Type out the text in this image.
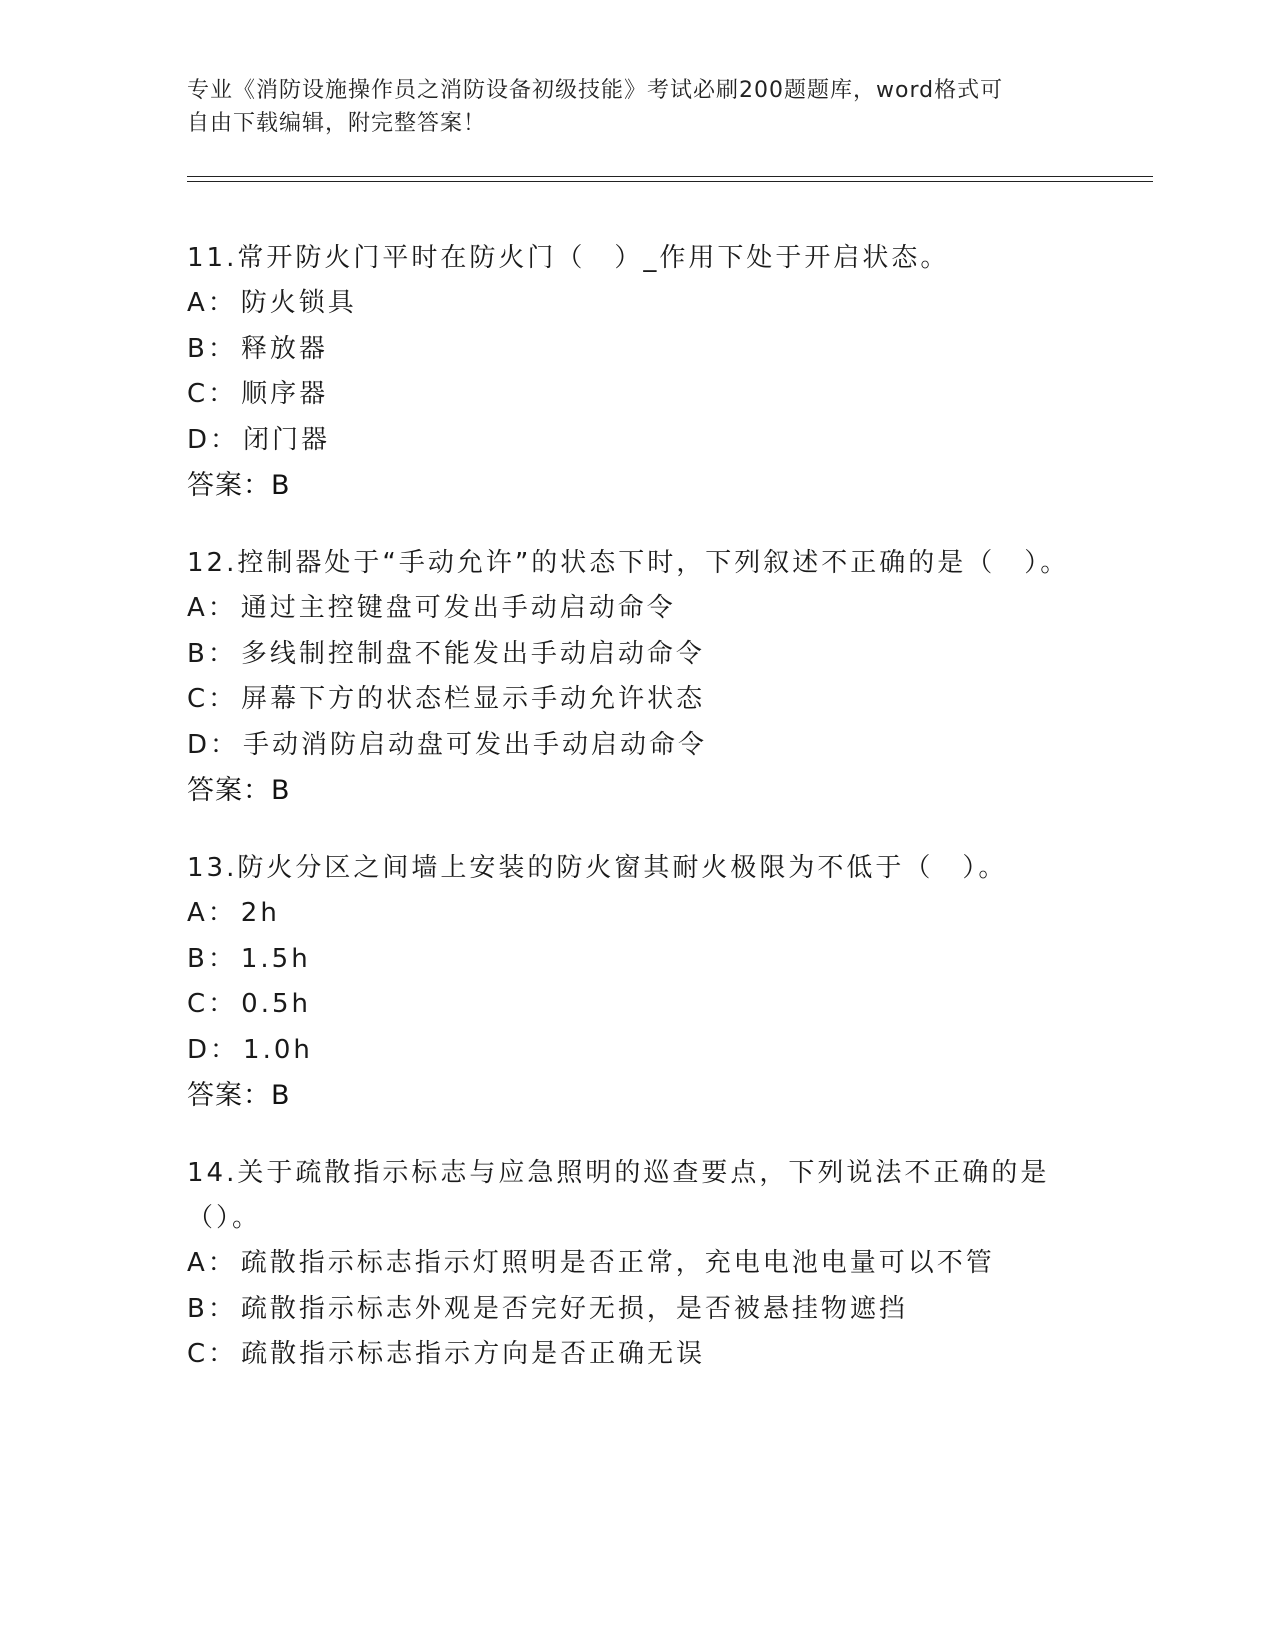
专业《消防设施操作员之消防设备初级技能》考试必刷200题题库，word格式可
自由下载编辑，附完整答案！
11.常开防火门平时在防火门（　）_作用下处于开启状态。
A： 防火锁具
B： 释放器
C： 顺序器
D： 闭门器
答案：B
12.控制器处于“手动允许”的状态下时，下列叙述不正确的是（　）。
A： 通过主控键盘可发出手动启动命令
B： 多线制控制盘不能发出手动启动命令
C： 屏幕下方的状态栏显示手动允许状态
D： 手动消防启动盘可发出手动启动命令
答案：B
13.防火分区之间墙上安装的防火窗其耐火极限为不低于（　）。
A： 2h
B： 1.5h
C： 0.5h
D： 1.0h
答案：B
14.关于疏散指示标志与应急照明的巡查要点，下列说法不正确的是（）。
A： 疏散指示标志指示灯照明是否正常，充电电池电量可以不管
B： 疏散指示标志外观是否完好无损，是否被悬挂物遮挡
C： 疏散指示标志指示方向是否正确无误
